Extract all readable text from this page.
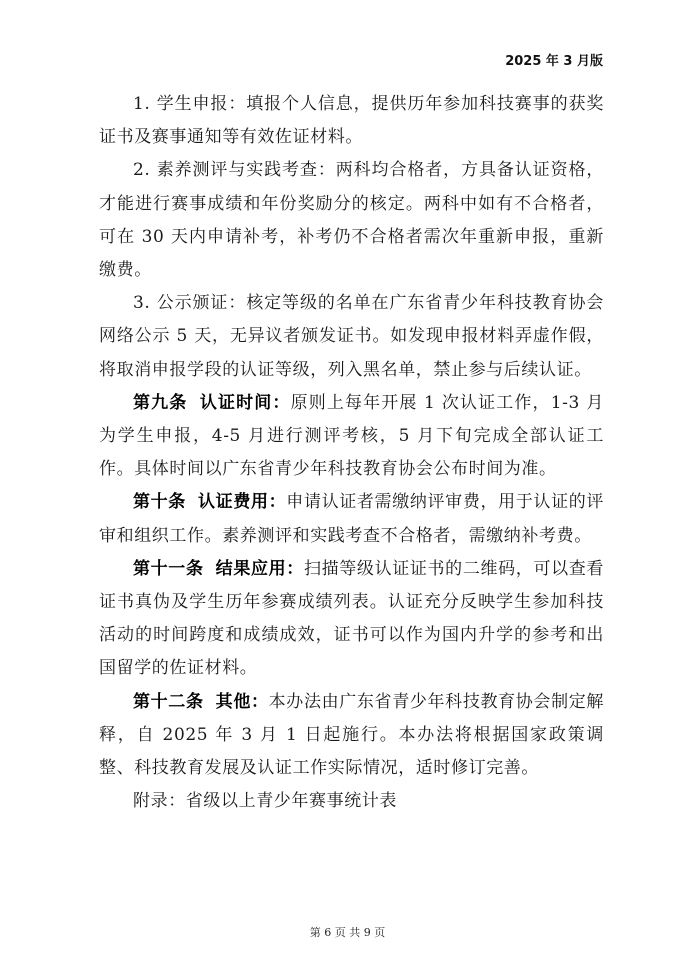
2025 年 3 月版

1. 学生申报：填报个人信息，提供历年参加科技赛事的获奖证书及赛事通知等有效佐证材料。

2. 素养测评与实践考查：两科均合格者，方具备认证资格，才能进行赛事成绩和年份奖励分的核定。两科中如有不合格者，可在 30 天内申请补考，补考仍不合格者需次年重新申报，重新缴费。

3. 公示颁证：核定等级的名单在广东省青少年科技教育协会网络公示 5 天，无异议者颁发证书。如发现申报材料弄虚作假，将取消申报学段的认证等级，列入黑名单，禁止参与后续认证。

第九条 认证时间：原则上每年开展 1 次认证工作，1-3 月为学生申报，4-5 月进行测评考核，5 月下旬完成全部认证工作。具体时间以广东省青少年科技教育协会公布时间为准。

第十条 认证费用：申请认证者需缴纳评审费，用于认证的评审和组织工作。素养测评和实践考查不合格者，需缴纳补考费。

第十一条 结果应用：扫描等级认证证书的二维码，可以查看证书真伪及学生历年参赛成绩列表。认证充分反映学生参加科技活动的时间跨度和成绩成效，证书可以作为国内升学的参考和出国留学的佐证材料。

第十二条 其他：本办法由广东省青少年科技教育协会制定解释，自 2025 年 3 月 1 日起施行。本办法将根据国家政策调整、科技教育发展及认证工作实际情况，适时修订完善。

附录：省级以上青少年赛事统计表

第 6 页 共 9 页
